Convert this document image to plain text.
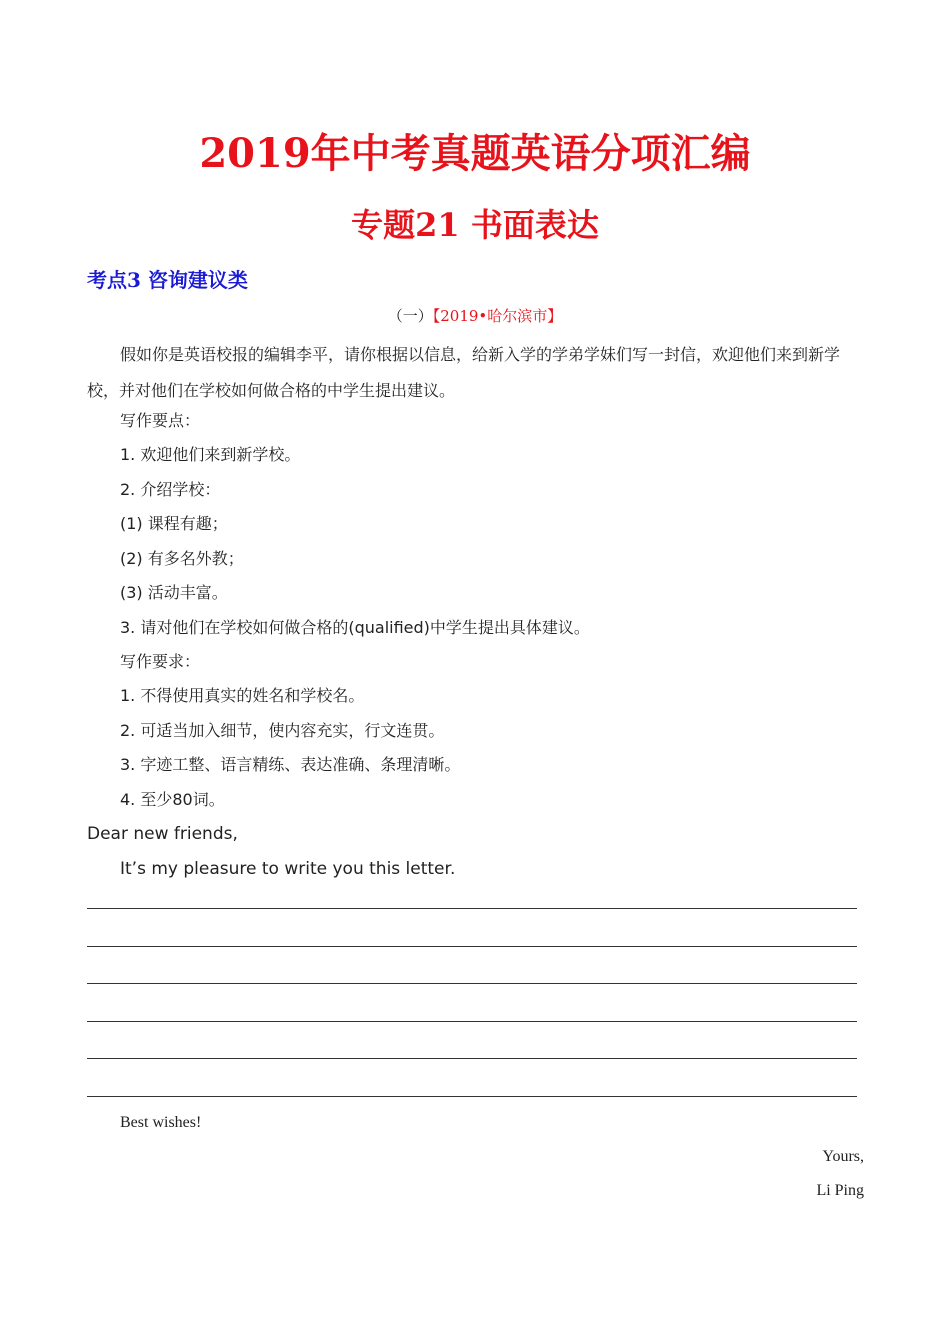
2019年中考真题英语分项汇编
专题21 书面表达
考点3 咨询建议类
（一）【2019•哈尔滨市】
假如你是英语校报的编辑李平，请你根据以信息，给新入学的学弟学妹们写一封信，欢迎他们来到新学校，并对他们在学校如何做合格的中学生提出建议。
写作要点：
1. 欢迎他们来到新学校。
2. 介绍学校：
(1) 课程有趣；
(2) 有多名外教；
(3) 活动丰富。
3. 请对他们在学校如何做合格的(qualified)中学生提出具体建议。
写作要求：
1. 不得使用真实的姓名和学校名。
2. 可适当加入细节，使内容充实，行文连贯。
3. 字迹工整、语言精练、表达准确、条理清晰。
4. 至少80词。
Dear new friends,
It’s my pleasure to write you this letter.
Best wishes!
Yours,
Li Ping
